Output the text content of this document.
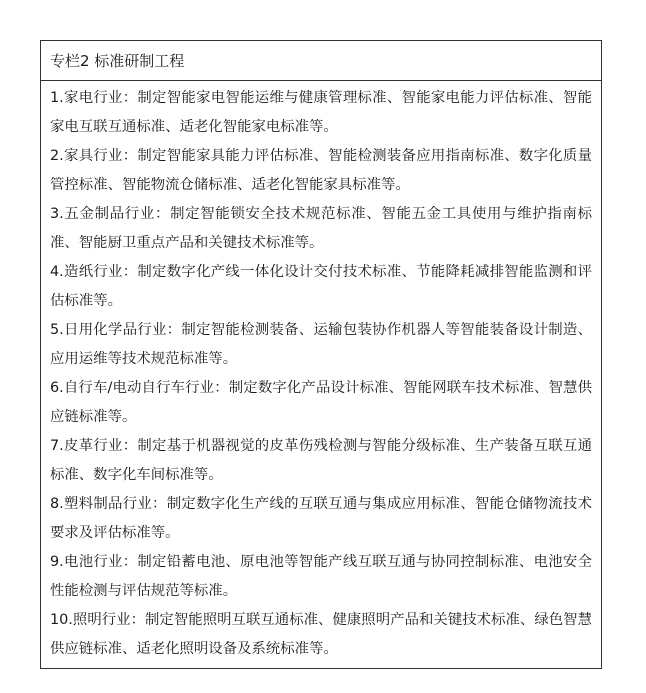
专栏2 标准研制工程

1.家电行业：制定智能家电智能运维与健康管理标准、智能家电能力评估标准、智能家电互联互通标准、适老化智能家电标准等。

2.家具行业：制定智能家具能力评估标准、智能检测装备应用指南标准、数字化质量管控标准、智能物流仓储标准、适老化智能家具标准等。

3.五金制品行业：制定智能锁安全技术规范标准、智能五金工具使用与维护指南标准、智能厨卫重点产品和关键技术标准等。

4.造纸行业：制定数字化产线一体化设计交付技术标准、节能降耗减排智能监测和评估标准等。

5.日用化学品行业：制定智能检测装备、运输包装协作机器人等智能装备设计制造、应用运维等技术规范标准等。

6.自行车/电动自行车行业：制定数字化产品设计标准、智能网联车技术标准、智慧供应链标准等。

7.皮革行业：制定基于机器视觉的皮革伤残检测与智能分级标准、生产装备互联互通标准、数字化车间标准等。

8.塑料制品行业：制定数字化生产线的互联互通与集成应用标准、智能仓储物流技术要求及评估标准等。

9.电池行业：制定铅蓄电池、原电池等智能产线互联互通与协同控制标准、电池安全性能检测与评估规范等标准。

10.照明行业：制定智能照明互联互通标准、健康照明产品和关键技术标准、绿色智慧供应链标准、适老化照明设备及系统标准等。
